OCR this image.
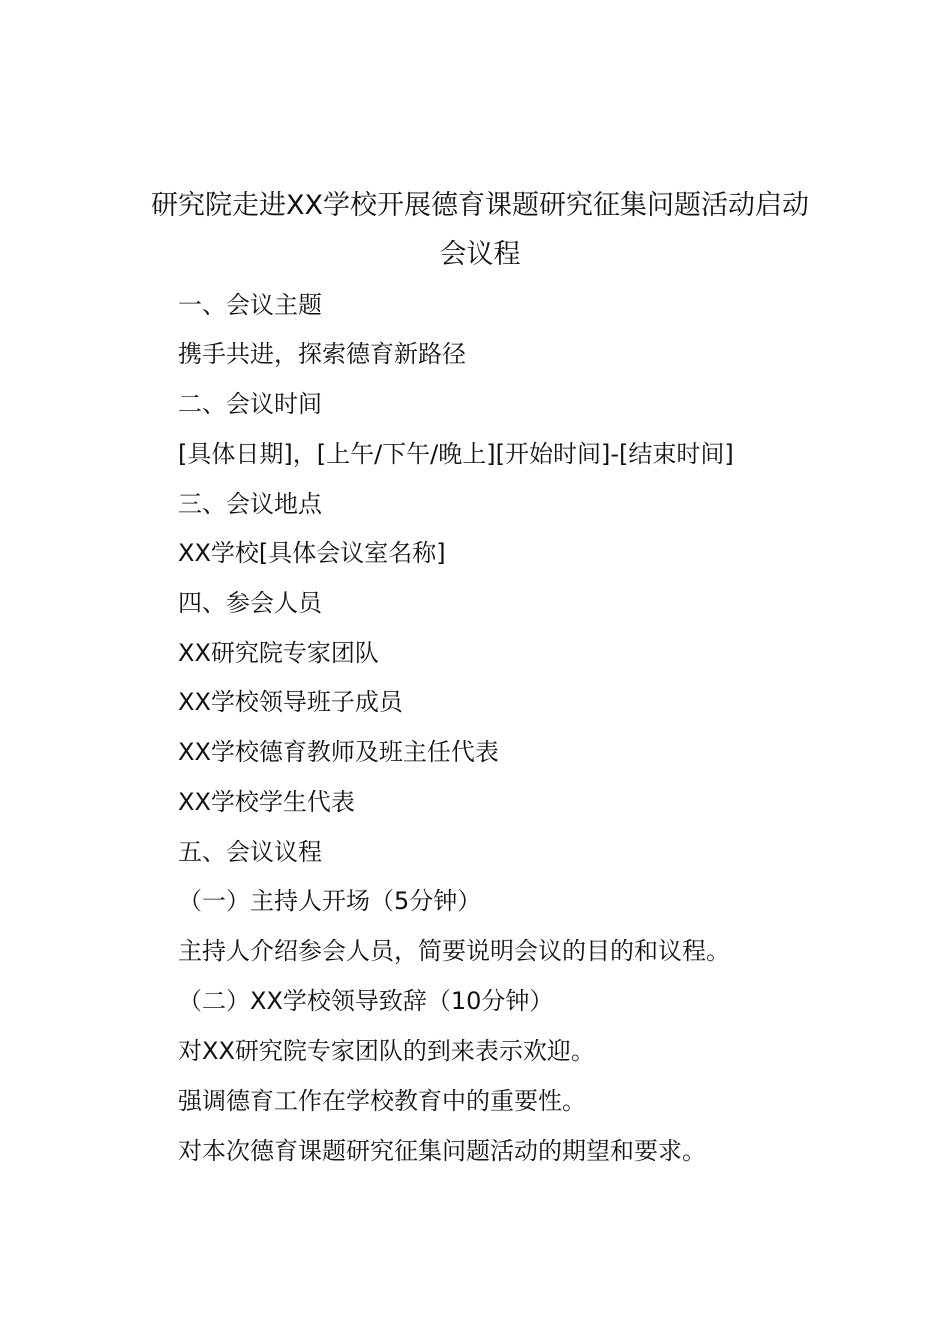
研究院走进XX学校开展德育课题研究征集问题活动启动
会议程
一、会议主题
携手共进，探索德育新路径
二、会议时间
[具体日期]，[上午/下午/晚上][开始时间]-[结束时间]
三、会议地点
XX学校[具体会议室名称]
四、参会人员
XX研究院专家团队
XX学校领导班子成员
XX学校德育教师及班主任代表
XX学校学生代表
五、会议议程
（一）主持人开场（5分钟）
主持人介绍参会人员，简要说明会议的目的和议程。
（二）XX学校领导致辞（10分钟）
对XX研究院专家团队的到来表示欢迎。
强调德育工作在学校教育中的重要性。
对本次德育课题研究征集问题活动的期望和要求。
